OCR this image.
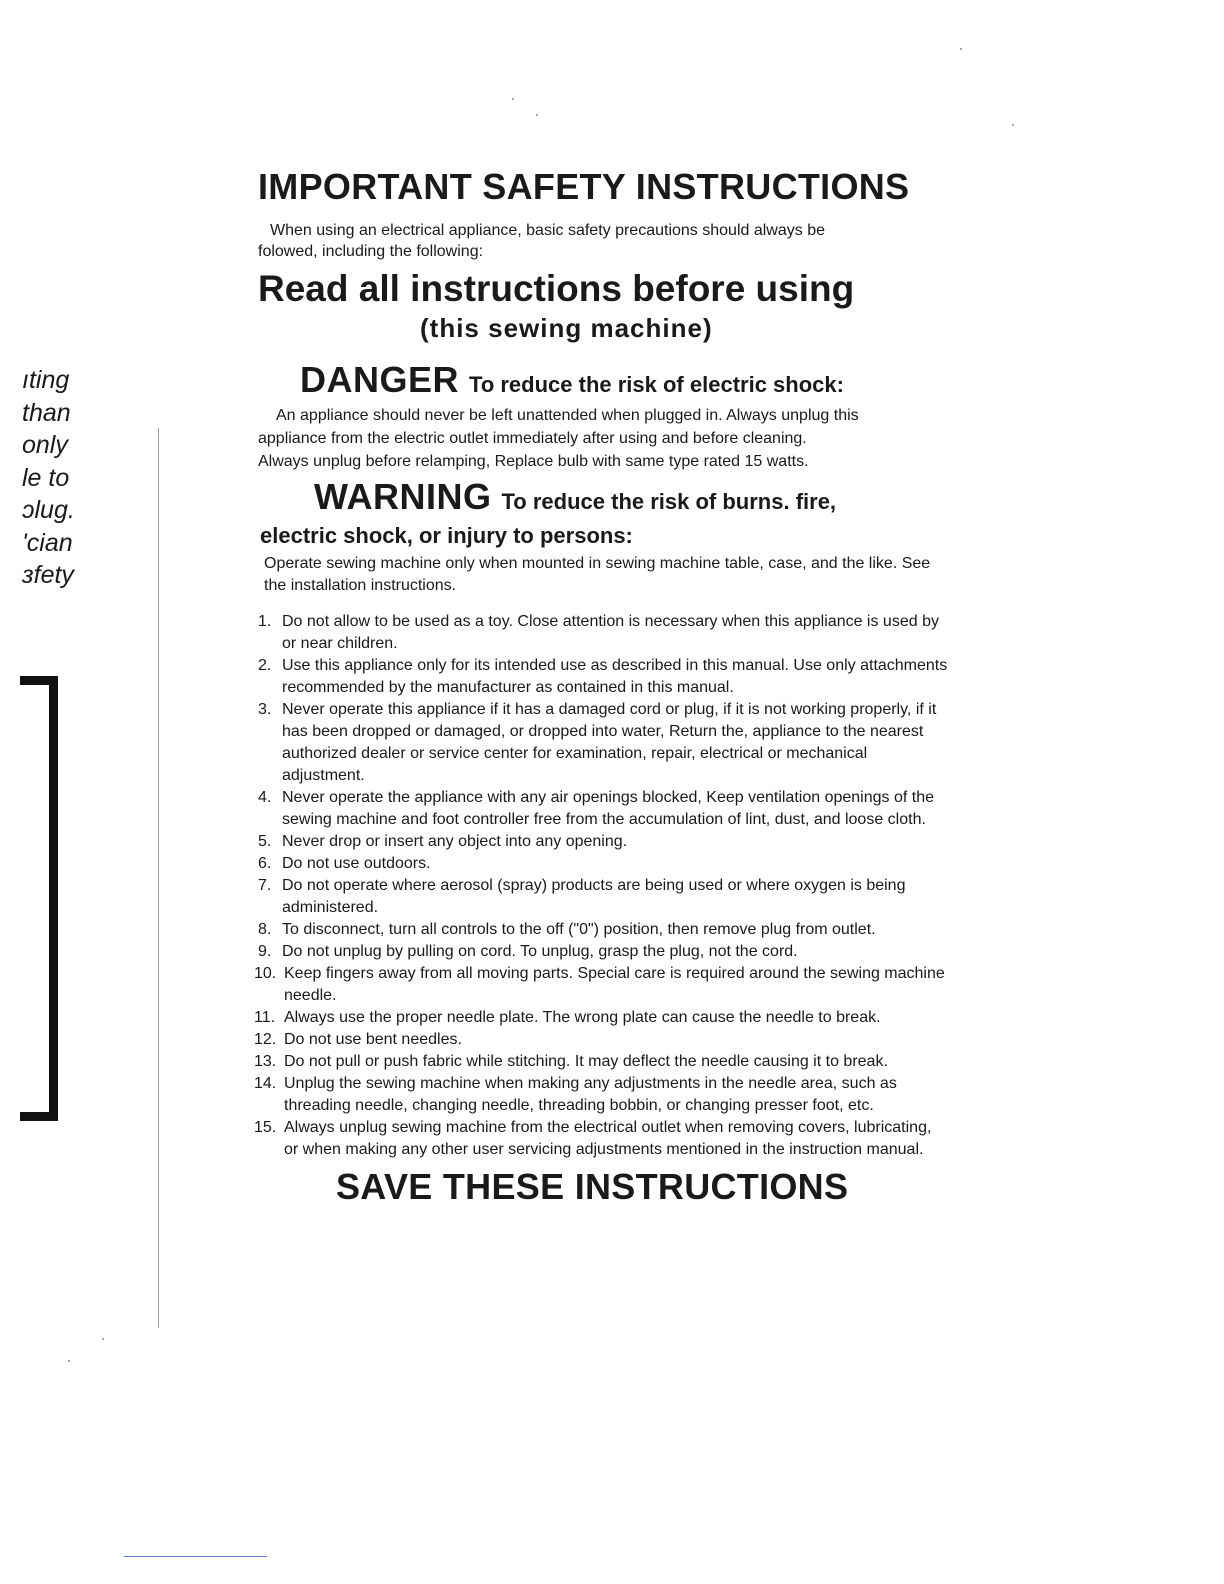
ıting
than
only
le to
ɔlug.
'cian
ɜfety
IMPORTANT SAFETY INSTRUCTIONS

When using an electrical appliance, basic safety precautions should always be
folowed, including the following:

Read all instructions before using
(this sewing machine)
DANGER To reduce the risk of electric shock:
An appliance should never be left unattended when plugged in. Always unplug this
appliance from the electric outlet immediately after using and before cleaning.
Always unplug before relamping, Replace bulb with same type rated 15 watts.
WARNING To reduce the risk of burns. fire,
electric shock, or injury to persons:

Operate sewing machine only when mounted in sewing machine table, case, and the like. See the installation instructions.

1. Do not allow to be used as a toy. Close attention is necessary when this appliance is used by or near children.
2. Use this appliance only for its intended use as described in this manual. Use only attachments recommended by the manufacturer as contained in this manual.
3. Never operate this appliance if it has a damaged cord or plug, if it is not working properly, if it has been dropped or damaged, or dropped into water, Return the, appliance to the nearest authorized dealer or service center for examination, repair, electrical or mechanical adjustment.
4. Never operate the appliance with any air openings blocked, Keep ventilation openings of the sewing machine and foot controller free from the accumulation of lint, dust, and loose cloth.
5. Never drop or insert any object into any opening.
6. Do not use outdoors.
7. Do not operate where aerosol (spray) products are being used or where oxygen is being administered.
8. To disconnect, turn all controls to the off ("0") position, then remove plug from outlet.
9. Do not unplug by pulling on cord. To unplug, grasp the plug, not the cord.
10. Keep fingers away from all moving parts. Special care is required around the sewing machine needle.
11. Always use the proper needle plate. The wrong plate can cause the needle to break.
12. Do not use bent needles.
13. Do not pull or push fabric while stitching. It may deflect the needle causing it to break.
14. Unplug the sewing machine when making any adjustments in the needle area, such as threading needle, changing needle, threading bobbin, or changing presser foot, etc.
15. Always unplug sewing machine from the electrical outlet when removing covers, lubricating, or when making any other user servicing adjustments mentioned in the instruction manual.
SAVE THESE INSTRUCTIONS
